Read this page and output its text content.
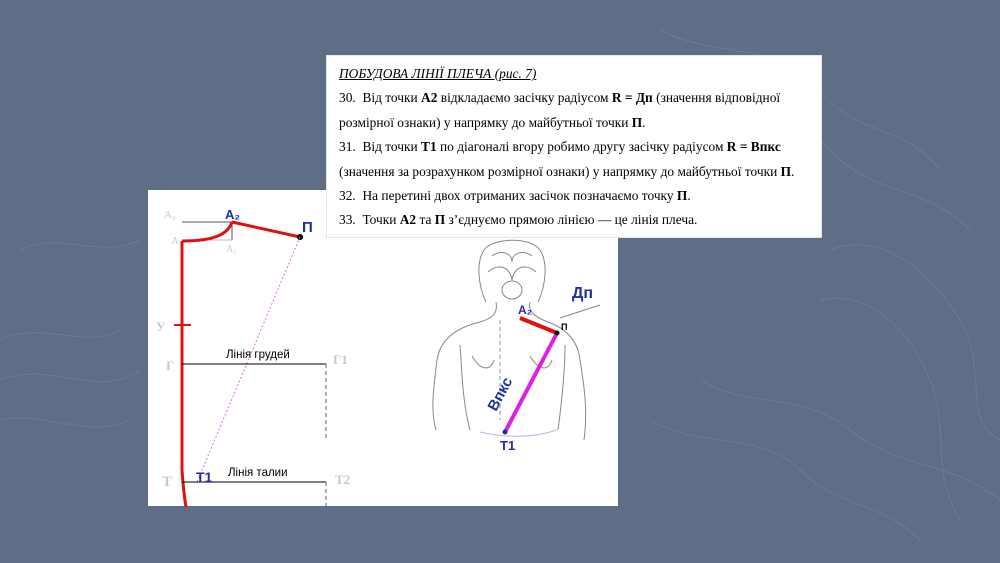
А₀
А
А₁
А₂
П
У
Г	Г1
Т Т1	Т2
Лінія грудей
Лінія талии
А₂
Дп
П
Впкс
Т1

ПОБУДОВА ЛІНІЇ ПЛЕЧА (рис. 7)

30.  Від точки А2 відкладаємо засічку радіусом R = Дп (значення відповідної

розмірної ознаки) у напрямку до майбутньої точки П.

31.  Від точки Т1 по діагоналі вгору робимо другу засічку радіусом R = Впкс

(значення за розрахунком розмірної ознаки) у напрямку до майбутньої точки П.

32.  На перетині двох отриманих засічок позначаємо точку П.

33.  Точки А2 та П з’єднуємо прямою лінією — це лінія плеча.
